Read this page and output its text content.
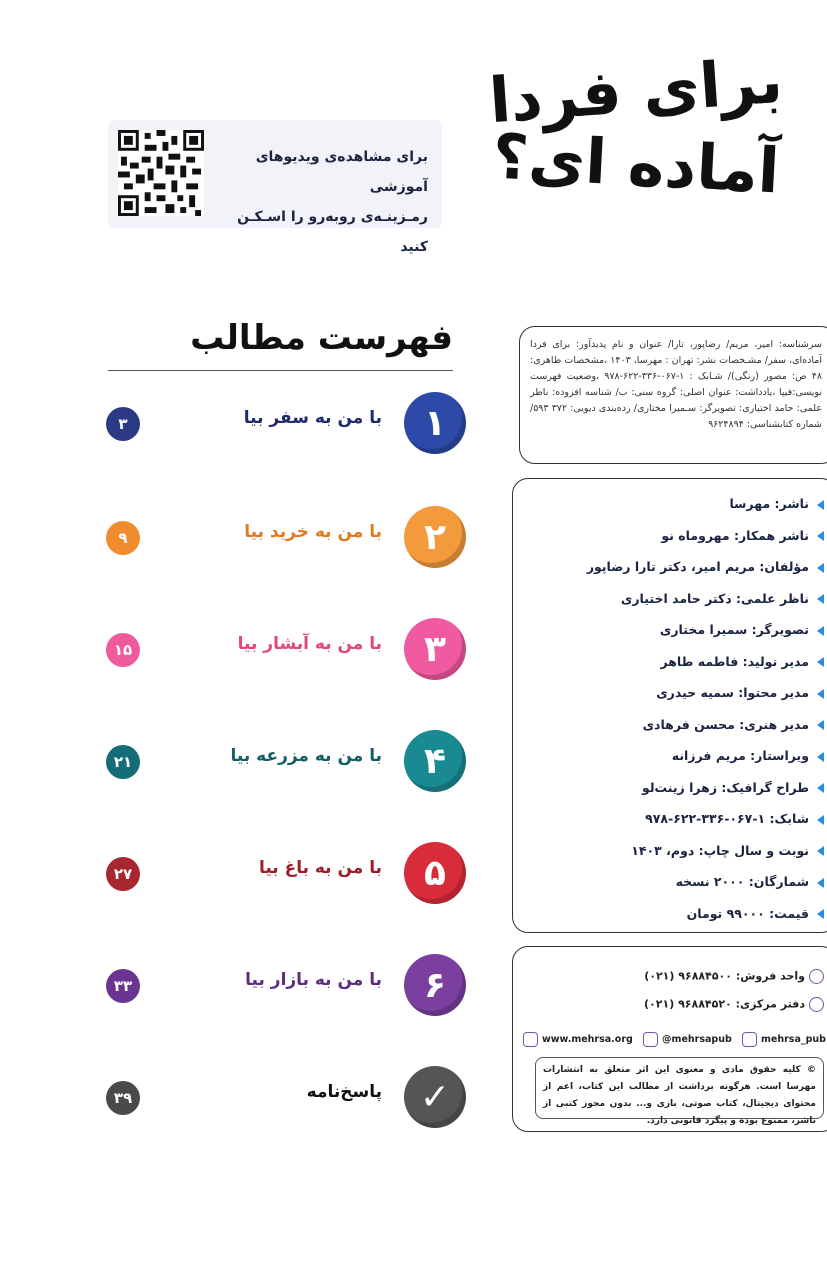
برای فردا
آماده ای؟
برای مشاهده‌ی ویدیوهای آموزشی
رمـزینـه‌ی روبه‌رو را اسـکـن کنید
فهرست مطالب
۱
با من به سفر بیا
۳
۲
با من به خرید بیا
۹
۳
با من به آبشار بیا
۱۵
۴
با من به مزرعه بیا
۲۱
۵
با من به باغ بیا
۲۷
۶
با من به بازار بیا
۳۳
✓
پاسخ‌نامه
۳۹
سرشناسه: امیر، مریم/ رضاپور، تارا/ عنوان و نام پدیدآور: برای فردا آماده‌ای، سفر/ مشـخصات نشر: تهران : مهرسا، ۱۴۰۳ ،مشخصات ظاهری: ۴۸ ص: مصور (رنگی)/ شـابک : ۱-۰۶۷-۳۳۶-۶۲۲-۹۷۸ ،وضعیت فهرست نویسی:فیپا ،یادداشت: عنوان اصلی: گروه سنی: ب/ شناسه افزوده: ناظر علمی: حامد اختیاری: تصویرگر: سـمیرا مختاری/ رده‌بندی دیویی: ۳۷۲ ۵۹۳/ شماره کتابشناسی: ۹۶۲۴۸۹۴
ناشر: مهرسا
ناشر همکار: مهروماه نو
مؤلفان: مریم امیر، دکتر تارا رضاپور
ناظر علمی: دکتر حامد اختیاری
تصویرگر: سمیرا مختاری
مدیر تولید: فاطمه طاهر
مدیر محتوا: سمیه حیدری
مدیر هنری: محسن فرهادی
ویراستار: مریم فرزانه
طراح گرافیک: زهرا زینت‌لو
شابک: ۱-۰۶۷-۳۳۶-۶۲۲-۹۷۸
نوبت و سال چاپ: دوم، ۱۴۰۳
شمارگان: ۲۰۰۰ نسخه
قیمت: ۹۹۰۰۰ تومان
واحد فروش: ۹۶۸۸۴۵۰۰ (۰۲۱)
دفتر مرکزی: ۹۶۸۸۴۵۲۰ (۰۲۱)
www.mehrsa.org	@mehrsapub	mehrsa_pub
© کلیه حقوق مادی و معنوی این اثر متعلق به انتشارات مهرسا است. هرگونه برداشت از مطالب این کتاب، اعم از محتوای دیجیتال، کتاب صوتی، بازی و... بدون مجوز کتبی از ناشر، ممنوع بوده و پیگرد قانونی دارد.
